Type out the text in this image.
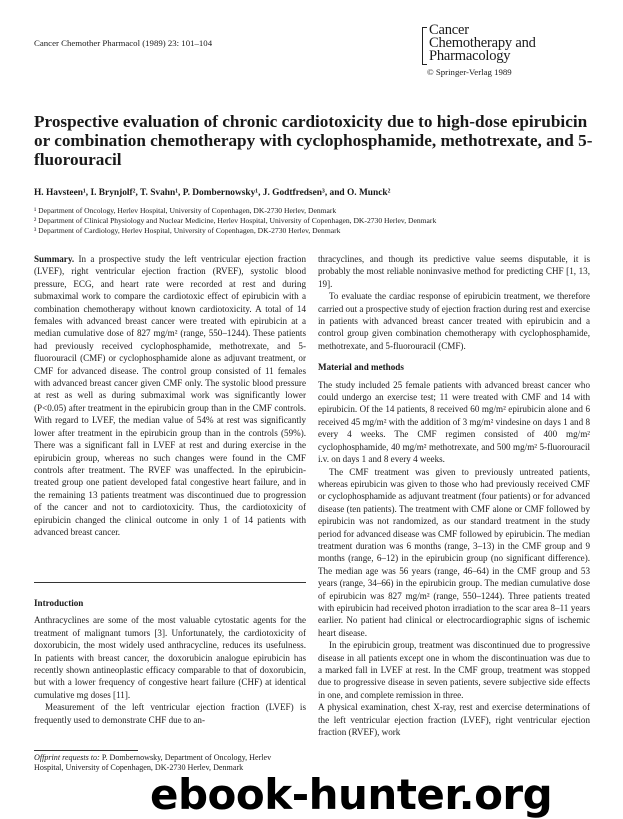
Cancer Chemother Pharmacol (1989) 23: 101–104
Cancer
Chemotherapy and
Pharmacology
© Springer-Verlag 1989
Prospective evaluation of chronic cardiotoxicity due to high-dose epirubicin or combination chemotherapy with cyclophosphamide, methotrexate, and 5-fluorouracil
H. Havsteen¹, I. Brynjolf², T. Svahn¹, P. Dombernowsky¹, J. Godtfredsen³, and O. Munck²
¹ Department of Oncology, Herlev Hospital, University of Copenhagen, DK-2730 Herlev, Denmark
² Department of Clinical Physiology and Nuclear Medicine, Herlev Hospital, University of Copenhagen, DK-2730 Herlev, Denmark
³ Department of Cardiology, Herlev Hospital, University of Copenhagen, DK-2730 Herlev, Denmark

Summary. In a prospective study the left ventricular ejection fraction (LVEF), right ventricular ejection fraction (RVEF), systolic blood pressure, ECG, and heart rate were recorded at rest and during submaximal work to compare the cardiotoxic effect of epirubicin with a combination chemotherapy without known cardiotoxicity. A total of 14 females with advanced breast cancer were treated with epirubicin at a median cumulative dose of 827 mg/m² (range, 550–1244). These patients had previously received cyclophosphamide, methotrexate, and 5-fluorouracil (CMF) or cyclophosphamide alone as adjuvant treatment, or CMF for advanced disease. The control group consisted of 11 females with advanced breast cancer given CMF only. The systolic blood pressure at rest as well as during submaximal work was significantly lower (P<0.05) after treatment in the epirubicin group than in the CMF controls. With regard to LVEF, the median value of 54% at rest was significantly lower after treatment in the epirubicin group than in the controls (59%). There was a significant fall in LVEF at rest and during exercise in the epirubicin group, whereas no such changes were found in the CMF controls after treatment. The RVEF was unaffected. In the epirubicin-treated group one patient developed fatal congestive heart failure, and in the remaining 13 patients treatment was discontinued due to progression of the cancer and not to cardiotoxicity. Thus, the cardiotoxicity of epirubicin changed the clinical outcome in only 1 of 14 patients with advanced breast cancer.

Introduction

Anthracyclines are some of the most valuable cytostatic agents for the treatment of malignant tumors [3]. Unfortunately, the cardiotoxicity of doxorubicin, the most widely used anthracycline, reduces its usefulness. In patients with breast cancer, the doxorubicin analogue epirubicin has recently shown antineoplastic efficacy comparable to that of doxorubicin, but with a lower frequency of congestive heart failure (CHF) at identical cumulative mg doses [11].

Measurement of the left ventricular ejection fraction (LVEF) is frequently used to demonstrate CHF due to an-

Offprint requests to: P. Dombernowsky, Department of Oncology, Herlev Hospital, University of Copenhagen, DK-2730 Herlev, Denmark

thracyclines, and though its predictive value seems disputable, it is probably the most reliable noninvasive method for predicting CHF [1, 13, 19].

To evaluate the cardiac response of epirubicin treatment, we therefore carried out a prospective study of ejection fraction during rest and exercise in patients with advanced breast cancer treated with epirubicin and a control group given combination chemotherapy with cyclophosphamide, methotrexate, and 5-fluorouracil (CMF).

Material and methods

The study included 25 female patients with advanced breast cancer who could undergo an exercise test; 11 were treated with CMF and 14 with epirubicin. Of the 14 patients, 8 received 60 mg/m² epirubicin alone and 6 received 45 mg/m² with the addition of 3 mg/m² vindesine on days 1 and 8 every 4 weeks. The CMF regimen consisted of 400 mg/m² cyclophosphamide, 40 mg/m² methotrexate, and 500 mg/m² 5-fluorouracil i.v. on days 1 and 8 every 4 weeks.

The CMF treatment was given to previously untreated patients, whereas epirubicin was given to those who had previously received CMF or cyclophosphamide as adjuvant treatment (four patients) or for advanced disease (ten patients). The treatment with CMF alone or CMF followed by epirubicin was not randomized, as our standard treatment in the study period for advanced disease was CMF followed by epirubicin. The median treatment duration was 6 months (range, 3–13) in the CMF group and 9 months (range, 6–12) in the epirubicin group (no significant difference). The median age was 56 years (range, 46–64) in the CMF group and 53 years (range, 34–66) in the epirubicin group. The median cumulative dose of epirubicin was 827 mg/m² (range, 550–1244). Three patients treated with epirubicin had received photon irradiation to the scar area 8–11 years earlier. No patient had clinical or electrocardiographic signs of ischemic heart disease.

In the epirubicin group, treatment was discontinued due to progressive disease in all patients except one in whom the discontinuation was due to a marked fall in LVEF at rest. In the CMF group, treatment was stopped due to progressive disease in seven patients, severe subjective side effects in one, and complete remission in three.

A physical examination, chest X-ray, rest and exercise determinations of the left ventricular ejection fraction (LVEF), right ventricular ejection fraction (RVEF), work

ebook-hunter.org
